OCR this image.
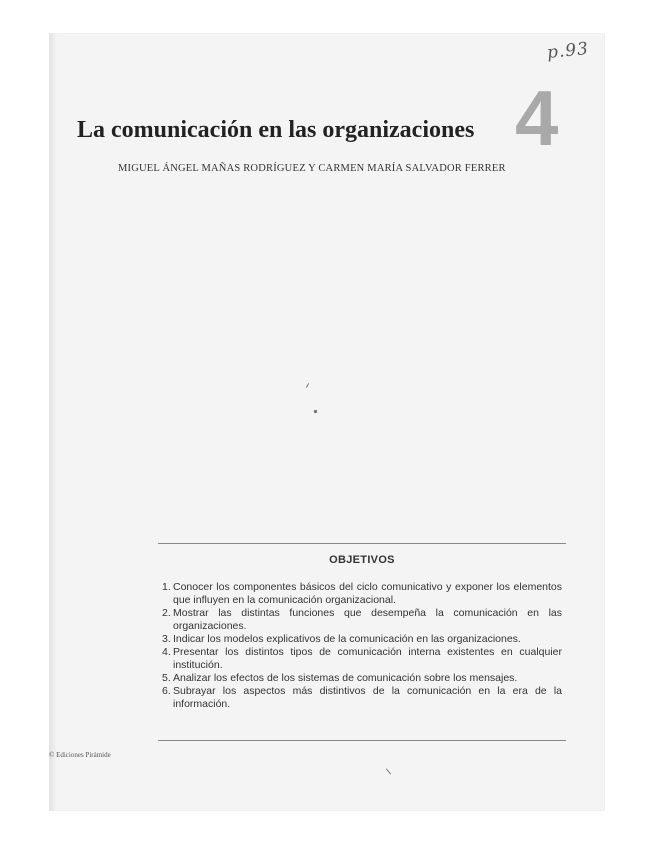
p.93
4
La comunicación en las organizaciones
MIGUEL ÁNGEL MAÑAS RODRÍGUEZ Y CARMEN MARÍA SALVADOR FERRER
OBJETIVOS
1. Conocer los componentes básicos del ciclo comunicativo y exponer los elementos que influyen en la comunicación organizacional.
2. Mostrar las distintas funciones que desempeña la comunicación en las organizaciones.
3. Indicar los modelos explicativos de la comunicación en las organizaciones.
4. Presentar los distintos tipos de comunicación interna existentes en cualquier institución.
5. Analizar los efectos de los sistemas de comunicación sobre los mensajes.
6. Subrayar los aspectos más distintivos de la comunicación en la era de la información.
© Ediciones Pirámide
